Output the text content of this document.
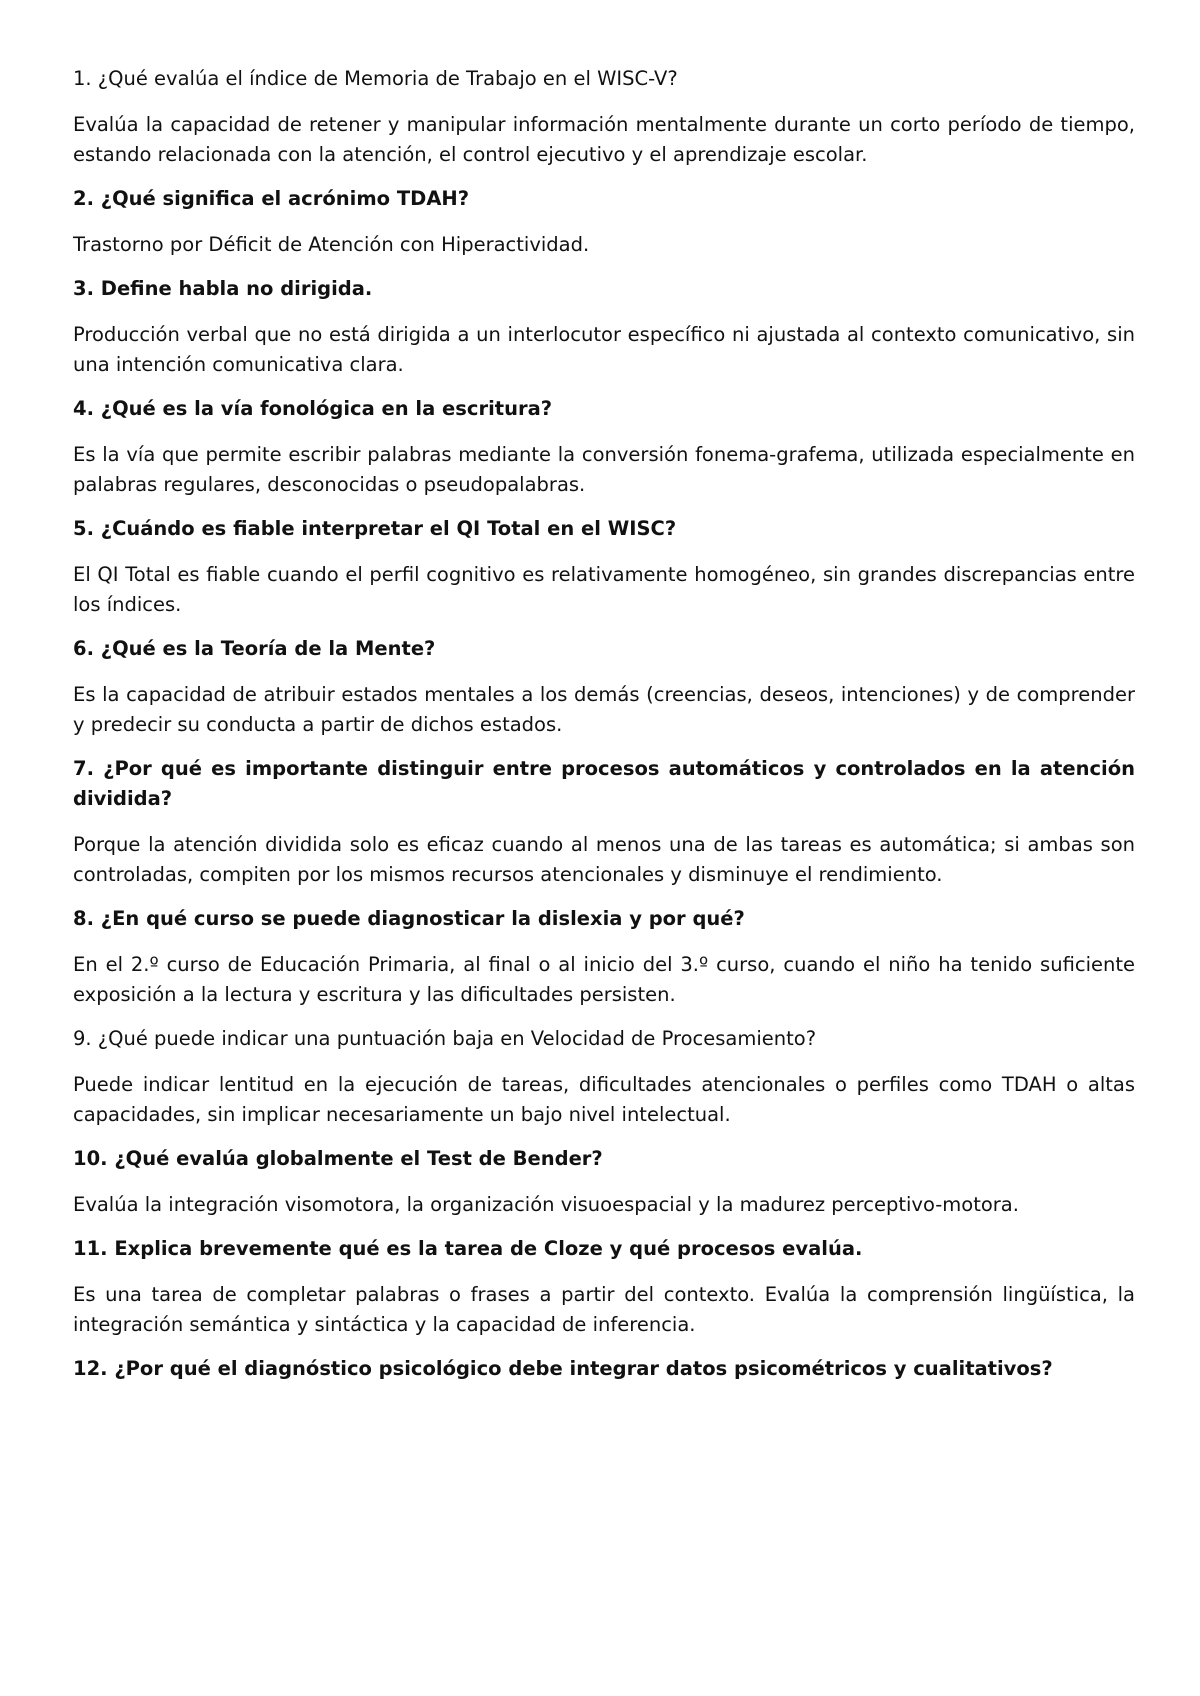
1. ¿Qué evalúa el índice de Memoria de Trabajo en el WISC-V?

Evalúa la capacidad de retener y manipular información mentalmente durante un corto período de tiempo, estando relacionada con la atención, el control ejecutivo y el aprendizaje escolar.

2. ¿Qué significa el acrónimo TDAH?

Trastorno por Déficit de Atención con Hiperactividad.

3. Define habla no dirigida.

Producción verbal que no está dirigida a un interlocutor específico ni ajustada al contexto comunicativo, sin una intención comunicativa clara.

4. ¿Qué es la vía fonológica en la escritura?

Es la vía que permite escribir palabras mediante la conversión fonema-grafema, utilizada especialmente en palabras regulares, desconocidas o pseudopalabras.

5. ¿Cuándo es fiable interpretar el QI Total en el WISC?

El QI Total es fiable cuando el perfil cognitivo es relativamente homogéneo, sin grandes discrepancias entre los índices.

6. ¿Qué es la Teoría de la Mente?

Es la capacidad de atribuir estados mentales a los demás (creencias, deseos, intenciones) y de comprender y predecir su conducta a partir de dichos estados.

7. ¿Por qué es importante distinguir entre procesos automáticos y controlados en la atención dividida?

Porque la atención dividida solo es eficaz cuando al menos una de las tareas es automática; si ambas son controladas, compiten por los mismos recursos atencionales y disminuye el rendimiento.

8. ¿En qué curso se puede diagnosticar la dislexia y por qué?

En el 2.º curso de Educación Primaria, al final o al inicio del 3.º curso, cuando el niño ha tenido suficiente exposición a la lectura y escritura y las dificultades persisten.

9. ¿Qué puede indicar una puntuación baja en Velocidad de Procesamiento?

Puede indicar lentitud en la ejecución de tareas, dificultades atencionales o perfiles como TDAH o altas capacidades, sin implicar necesariamente un bajo nivel intelectual.

10. ¿Qué evalúa globalmente el Test de Bender?

Evalúa la integración visomotora, la organización visuoespacial y la madurez perceptivo-motora.

11. Explica brevemente qué es la tarea de Cloze y qué procesos evalúa.

Es una tarea de completar palabras o frases a partir del contexto. Evalúa la comprensión lingüística, la integración semántica y sintáctica y la capacidad de inferencia.

12. ¿Por qué el diagnóstico psicológico debe integrar datos psicométricos y cualitativos?
